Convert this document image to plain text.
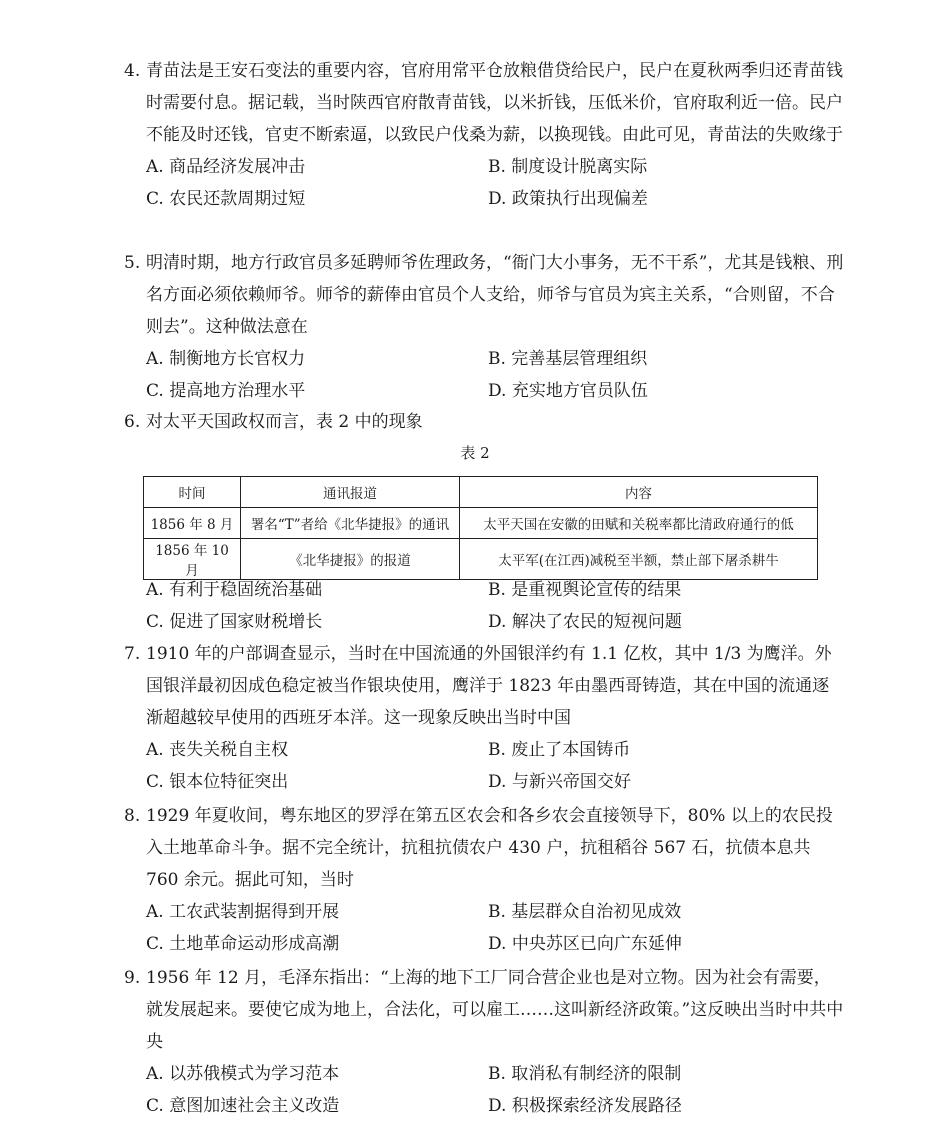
4. 青苗法是王安石变法的重要内容，官府用常平仓放粮借贷给民户，民户在夏秋两季归还青苗钱时需要付息。据记载，当时陕西官府散青苗钱，以米折钱，压低米价，官府取利近一倍。民户不能及时还钱，官吏不断索逼，以致民户伐桑为薪，以换现钱。由此可见，青苗法的失败缘于
A. 商品经济发展冲击	B. 制度设计脱离实际
C. 农民还款周期过短	D. 政策执行出现偏差
5. 明清时期，地方行政官员多延聘师爷佐理政务，“衙门大小事务，无不干系”，尤其是钱粮、刑名方面必须依赖师爷。师爷的薪俸由官员个人支给，师爷与官员为宾主关系，“合则留，不合则去”。这种做法意在
A. 制衡地方长官权力	B. 完善基层管理组织
C. 提高地方治理水平	D. 充实地方官员队伍
6. 对太平天国政权而言，表 2 中的现象
表 2
时间	通讯报道	内容
1856 年 8 月	署名“T”者给《北华捷报》的通讯	太平天国在安徽的田赋和关税率都比清政府通行的低
1856 年 10 月	《北华捷报》的报道	太平军(在江西)减税至半额，禁止部下屠杀耕牛
A. 有利于稳固统治基础	B. 是重视舆论宣传的结果
C. 促进了国家财税增长	D. 解决了农民的短视问题
7. 1910 年的户部调查显示，当时在中国流通的外国银洋约有 1.1 亿枚，其中 1/3 为鹰洋。外国银洋最初因成色稳定被当作银块使用，鹰洋于 1823 年由墨西哥铸造，其在中国的流通逐渐超越较早使用的西班牙本洋。这一现象反映出当时中国
A. 丧失关税自主权	B. 废止了本国铸币
C. 银本位特征突出	D. 与新兴帝国交好
8. 1929 年夏收间，粤东地区的罗浮在第五区农会和各乡农会直接领导下，80% 以上的农民投入土地革命斗争。据不完全统计，抗租抗债农户 430 户，抗租稻谷 567 石，抗债本息共 760 余元。据此可知，当时
A. 工农武装割据得到开展	B. 基层群众自治初见成效
C. 土地革命运动形成高潮	D. 中央苏区已向广东延伸
9. 1956 年 12 月，毛泽东指出：“上海的地下工厂同合营企业也是对立物。因为社会有需要，就发展起来。要使它成为地上，合法化，可以雇工……这叫新经济政策。”这反映出当时中共中央
A. 以苏俄模式为学习范本	B. 取消私有制经济的限制
C. 意图加速社会主义改造	D. 积极探索经济发展路径
